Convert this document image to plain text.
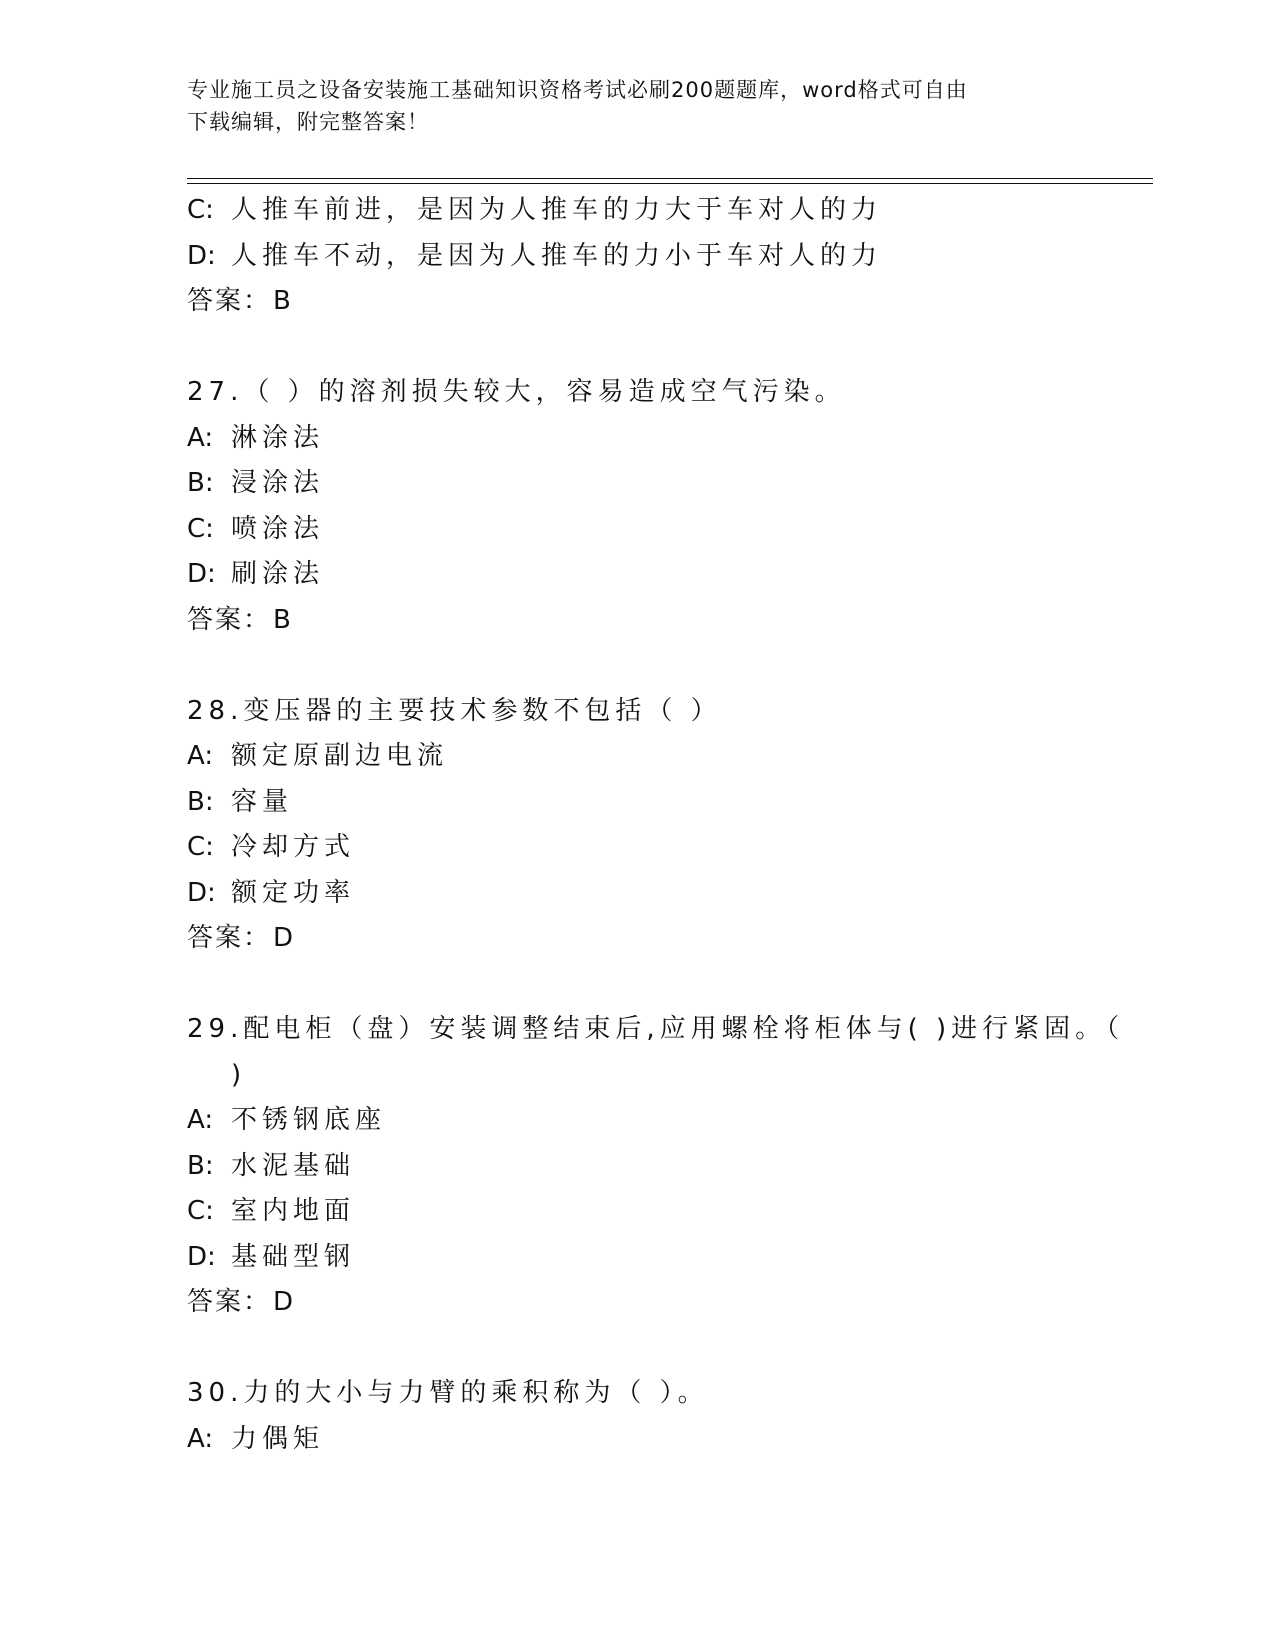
专业施工员之设备安装施工基础知识资格考试必刷200题题库，word格式可自由
下载编辑，附完整答案！
C: 人推车前进，是因为人推车的力大于车对人的力
D: 人推车不动，是因为人推车的力小于车对人的力
答案：B
27.（ ）的溶剂损失较大，容易造成空气污染。
A: 淋涂法
B: 浸涂法
C: 喷涂法
D: 刷涂法
答案：B
28.变压器的主要技术参数不包括（ ）
A: 额定原副边电流
B: 容量
C: 冷却方式
D: 额定功率
答案：D
29.配电柜（盘）安装调整结束后,应用螺栓将柜体与( )进行紧固。（
)
A: 不锈钢底座
B: 水泥基础
C: 室内地面
D: 基础型钢
答案：D
30.力的大小与力臂的乘积称为（ ）。
A: 力偶矩
